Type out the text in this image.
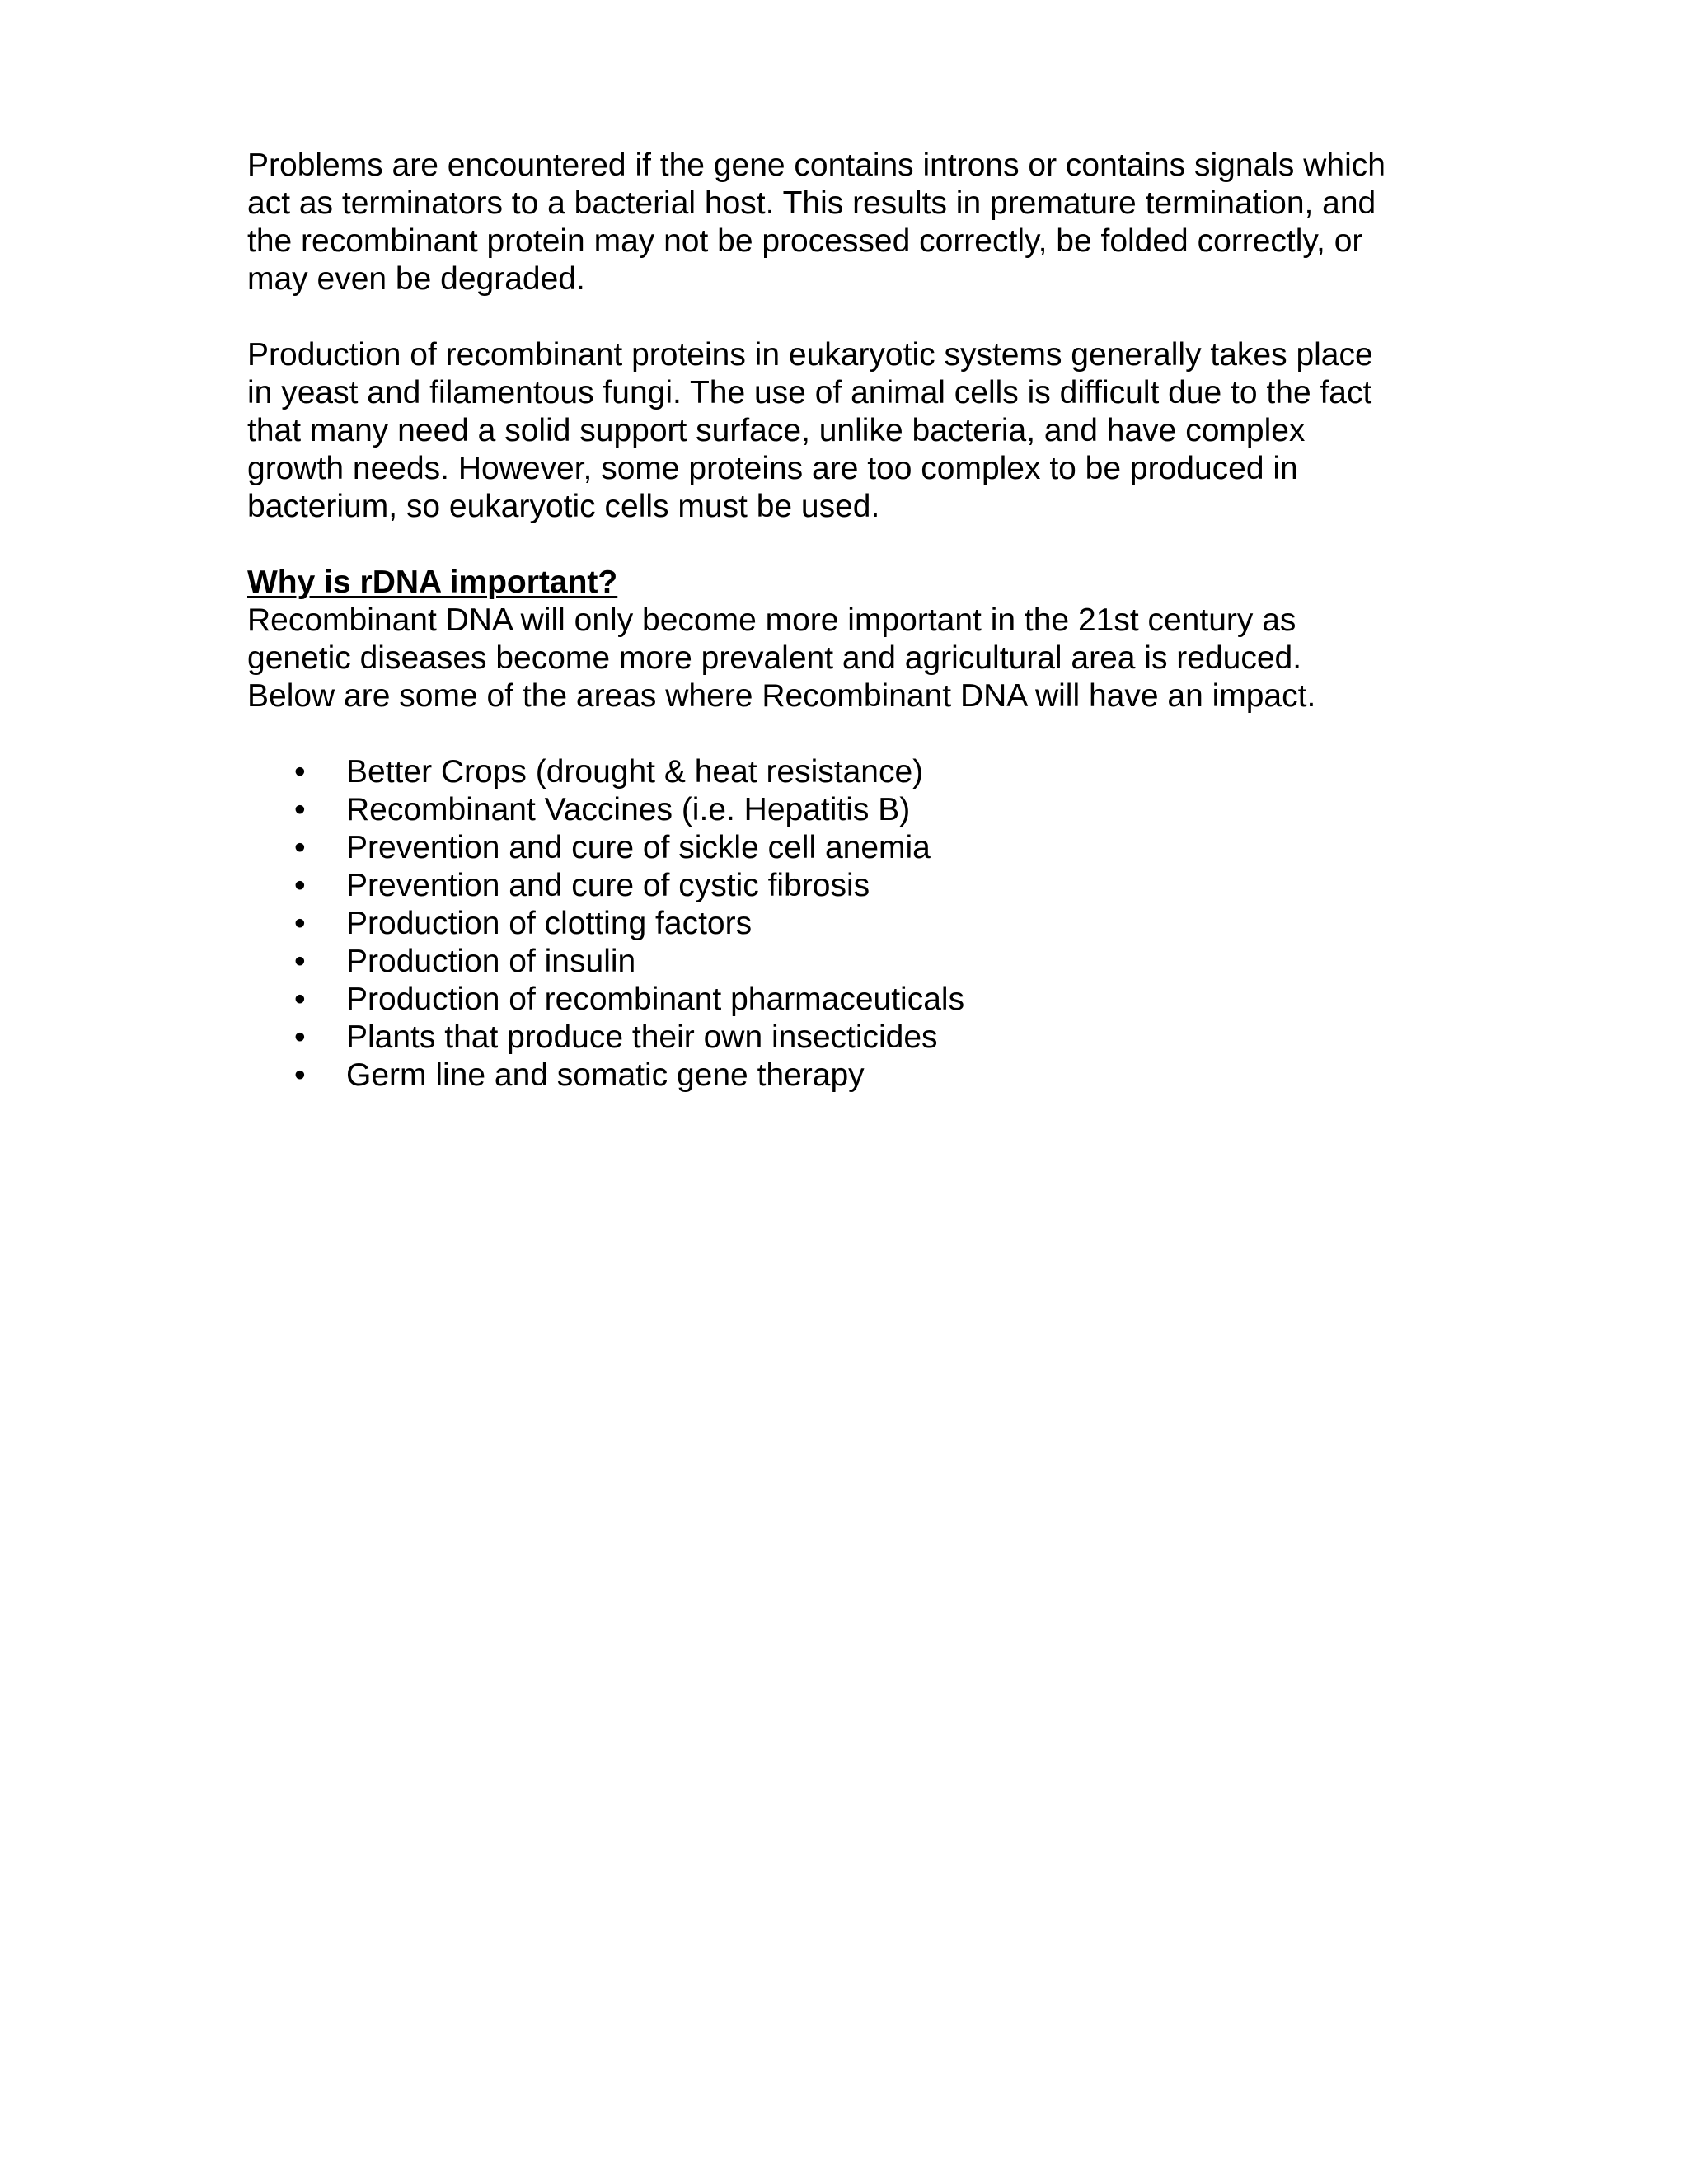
Problems are encountered if the gene contains introns or contains signals which
act as terminators to a bacterial host. This results in premature termination, and
the recombinant protein may not be processed correctly, be folded correctly, or
may even be degraded.

Production of recombinant proteins in eukaryotic systems generally takes place
in yeast and filamentous fungi. The use of animal cells is difficult due to the fact
that many need a solid support surface, unlike bacteria, and have complex
growth needs. However, some proteins are too complex to be produced in
bacterium, so eukaryotic cells must be used.

Why is rDNA important?
Recombinant DNA will only become more important in the 21st century as
genetic diseases become more prevalent and agricultural area is reduced.
Below are some of the areas where Recombinant DNA will have an impact.

• Better Crops (drought & heat resistance)
• Recombinant Vaccines (i.e. Hepatitis B)
• Prevention and cure of sickle cell anemia
• Prevention and cure of cystic fibrosis
• Production of clotting factors
• Production of insulin
• Production of recombinant pharmaceuticals
• Plants that produce their own insecticides
• Germ line and somatic gene therapy
